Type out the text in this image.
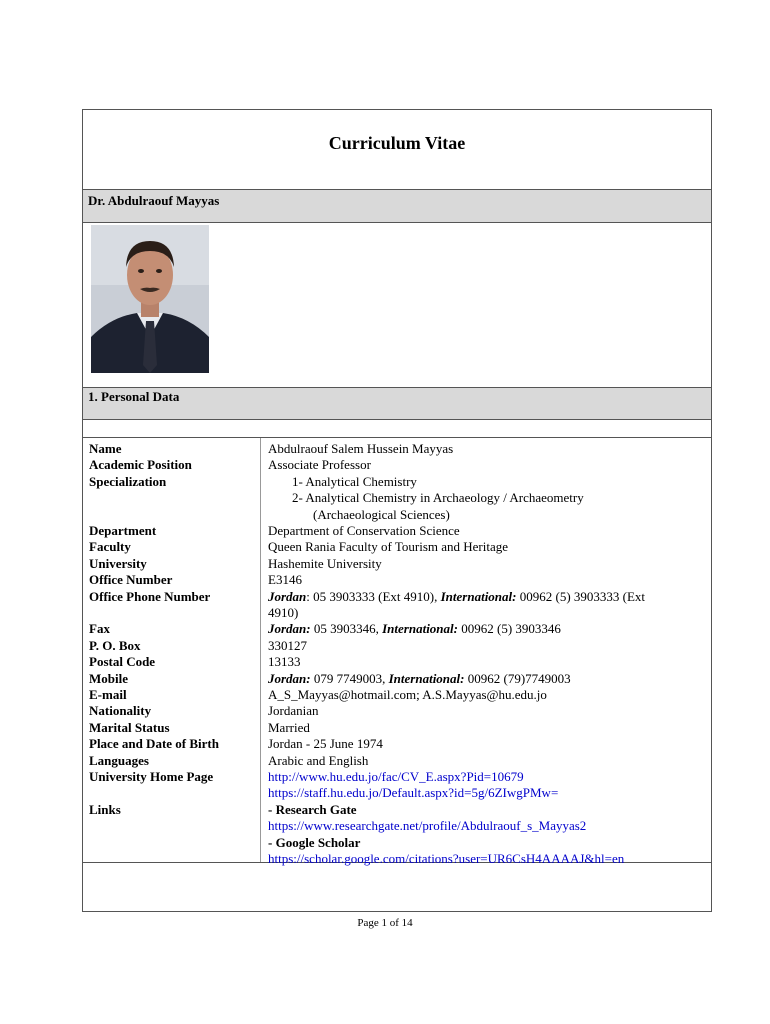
Curriculum Vitae
Dr. Abdulraouf Mayyas
1. Personal Data
Name	Abdulraouf Salem Hussein Mayyas
Academic Position	Associate Professor
Specialization	1- Analytical Chemistry
2- Analytical Chemistry in Archaeology / Archaeometry
(Archaeological Sciences)
Department	Department of Conservation Science
Faculty	Queen Rania Faculty of Tourism and Heritage
University	Hashemite University
Office Number	E3146
Office Phone Number	Jordan: 05 3903333 (Ext 4910), International: 00962 (5) 3903333 (Ext
4910)
Fax	Jordan: 05 3903346, International: 00962 (5) 3903346
P. O. Box	330127
Postal Code	13133
Mobile	Jordan: 079 7749003, International: 00962 (79)7749003
E-mail	A_S_Mayyas@hotmail.com; A.S.Mayyas@hu.edu.jo
Nationality	Jordanian
Marital Status	Married
Place and Date of Birth	Jordan - 25 June 1974
Languages	Arabic and English
University Home Page	http://www.hu.edu.jo/fac/CV_E.aspx?Pid=10679
https://staff.hu.edu.jo/Default.aspx?id=5g/6ZIwgPMw=
Links	- Research Gate
https://www.researchgate.net/profile/Abdulraouf_s_Mayyas2
- Google Scholar
https://scholar.google.com/citations?user=UR6CsH4AAAAJ&hl=en
Page 1 of 14
